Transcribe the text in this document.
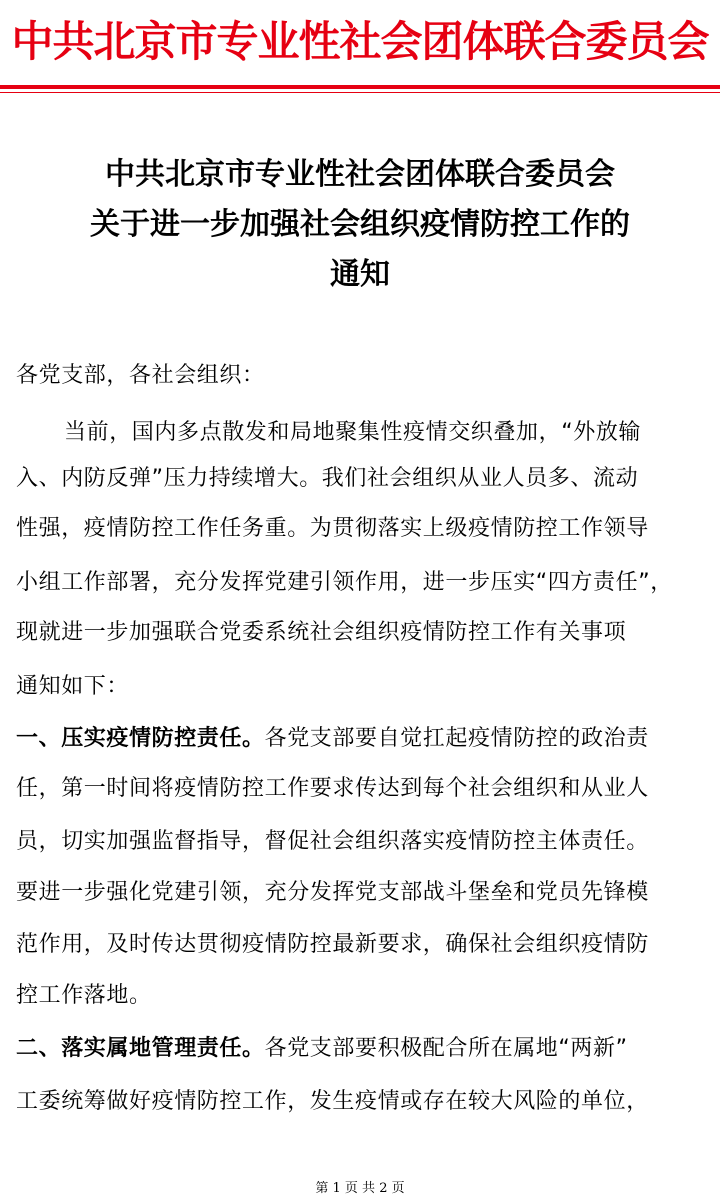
中共北京市专业性社会团体联合委员会
中共北京市专业性社会团体联合委员会
关于进一步加强社会组织疫情防控工作的
通知
各党支部，各社会组织：
当前，国内多点散发和局地聚集性疫情交织叠加，“外放输
入、内防反弹”压力持续增大。我们社会组织从业人员多、流动
性强，疫情防控工作任务重。为贯彻落实上级疫情防控工作领导
小组工作部署，充分发挥党建引领作用，进一步压实“四方责任”，
现就进一步加强联合党委系统社会组织疫情防控工作有关事项
通知如下：
一、压实疫情防控责任。各党支部要自觉扛起疫情防控的政治责
任，第一时间将疫情防控工作要求传达到每个社会组织和从业人
员，切实加强监督指导，督促社会组织落实疫情防控主体责任。
要进一步强化党建引领，充分发挥党支部战斗堡垒和党员先锋模
范作用，及时传达贯彻疫情防控最新要求，确保社会组织疫情防
控工作落地。
二、落实属地管理责任。各党支部要积极配合所在属地“两新”
工委统筹做好疫情防控工作，发生疫情或存在较大风险的单位，
第 1 页 共 2 页
